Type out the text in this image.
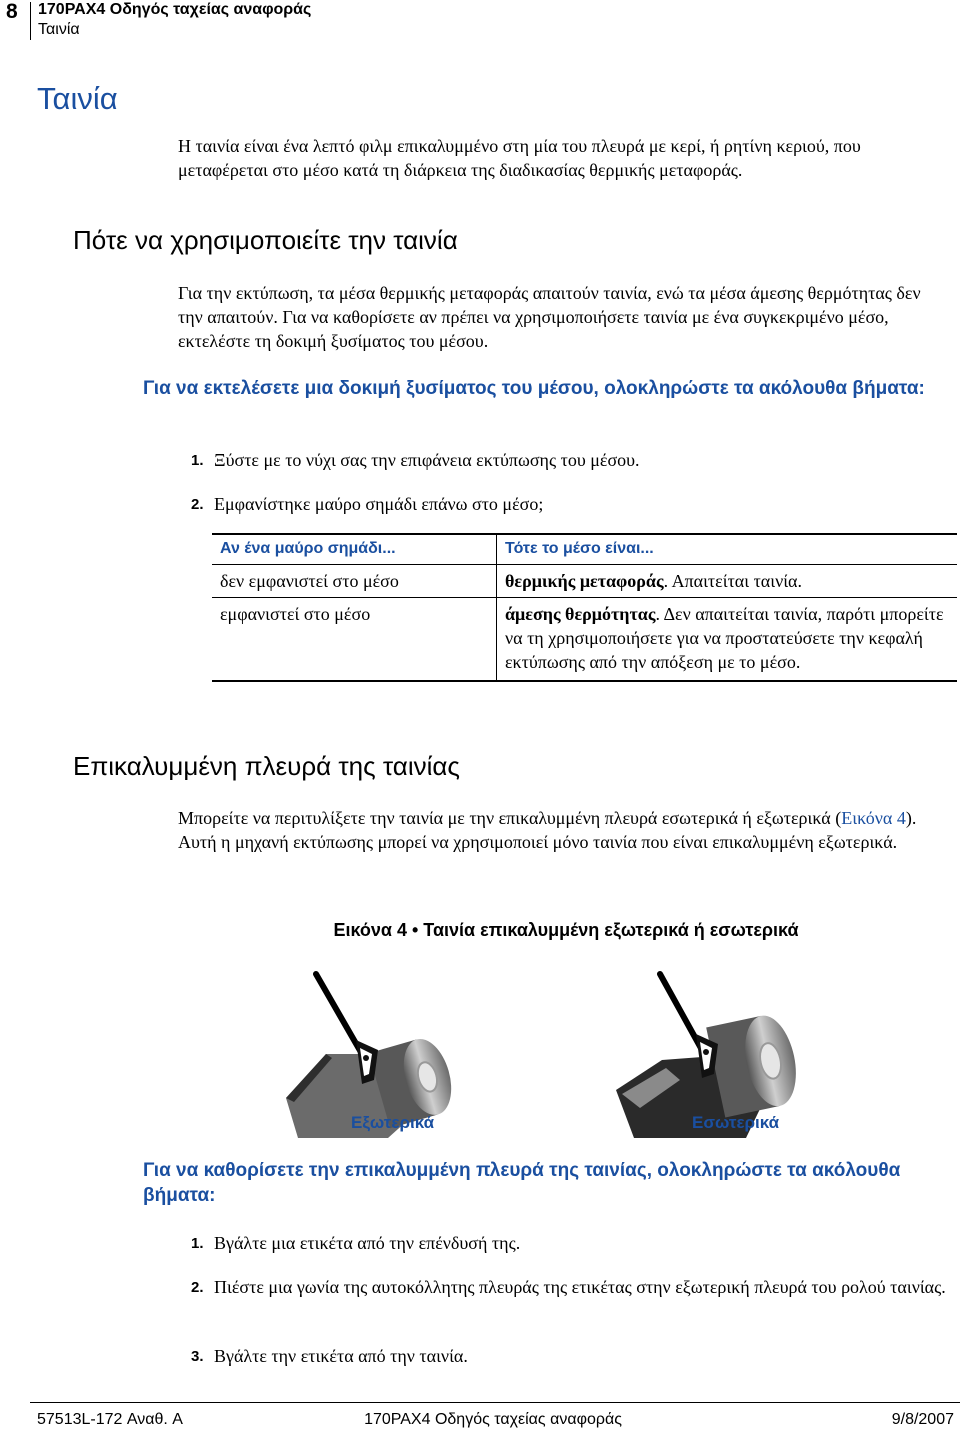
8 170PAX4 Οδηγός ταχείας αναφοράς
Ταινία
Ταινία
Η ταινία είναι ένα λεπτό φιλμ επικαλυμμένο στη μία του πλευρά με κερί, ή ρητίνη κεριού, που μεταφέρεται στο μέσο κατά τη διάρκεια της διαδικασίας θερμικής μεταφοράς.
Πότε να χρησιμοποιείτε την ταινία
Για την εκτύπωση, τα μέσα θερμικής μεταφοράς απαιτούν ταινία, ενώ τα μέσα άμεσης θερμότητας δεν την απαιτούν. Για να καθορίσετε αν πρέπει να χρησιμοποιήσετε ταινία με ένα συγκεκριμένο μέσο, εκτελέστε τη δοκιμή ξυσίματος του μέσου.
Για να εκτελέσετε μια δοκιμή ξυσίματος του μέσου, ολοκληρώστε τα ακόλουθα βήματα:
1. Ξύστε με το νύχι σας την επιφάνεια εκτύπωσης του μέσου.
2. Εμφανίστηκε μαύρο σημάδι επάνω στο μέσο;
Αν ένα μαύρο σημάδι...	Τότε το μέσο είναι...
δεν εμφανιστεί στο μέσο	θερμικής μεταφοράς. Απαιτείται ταινία.
εμφανιστεί στο μέσο	άμεσης θερμότητας. Δεν απαιτείται ταινία, παρότι μπορείτε να τη χρησιμοποιήσετε για να προστατεύσετε την κεφαλή εκτύπωσης από την απόξεση με το μέσο.
Επικαλυμμένη πλευρά της ταινίας
Μπορείτε να περιτυλίξετε την ταινία με την επικαλυμμένη πλευρά εσωτερικά ή εξωτερικά (Εικόνα 4). Αυτή η μηχανή εκτύπωσης μπορεί να χρησιμοποιεί μόνο ταινία που είναι επικαλυμμένη εξωτερικά.
Εικόνα 4 • Ταινία επικαλυμμένη εξωτερικά ή εσωτερικά
Εξωτερικά	Εσωτερικά
Για να καθορίσετε την επικαλυμμένη πλευρά της ταινίας, ολοκληρώστε τα ακόλουθα βήματα:
1. Βγάλτε μια ετικέτα από την επένδυσή της.
2. Πιέστε μια γωνία της αυτοκόλλητης πλευράς της ετικέτας στην εξωτερική πλευρά του ρολού ταινίας.
3. Βγάλτε την ετικέτα από την ταινία.
57513L-172 Αναθ. A	170PAX4 Οδηγός ταχείας αναφοράς	9/8/2007
